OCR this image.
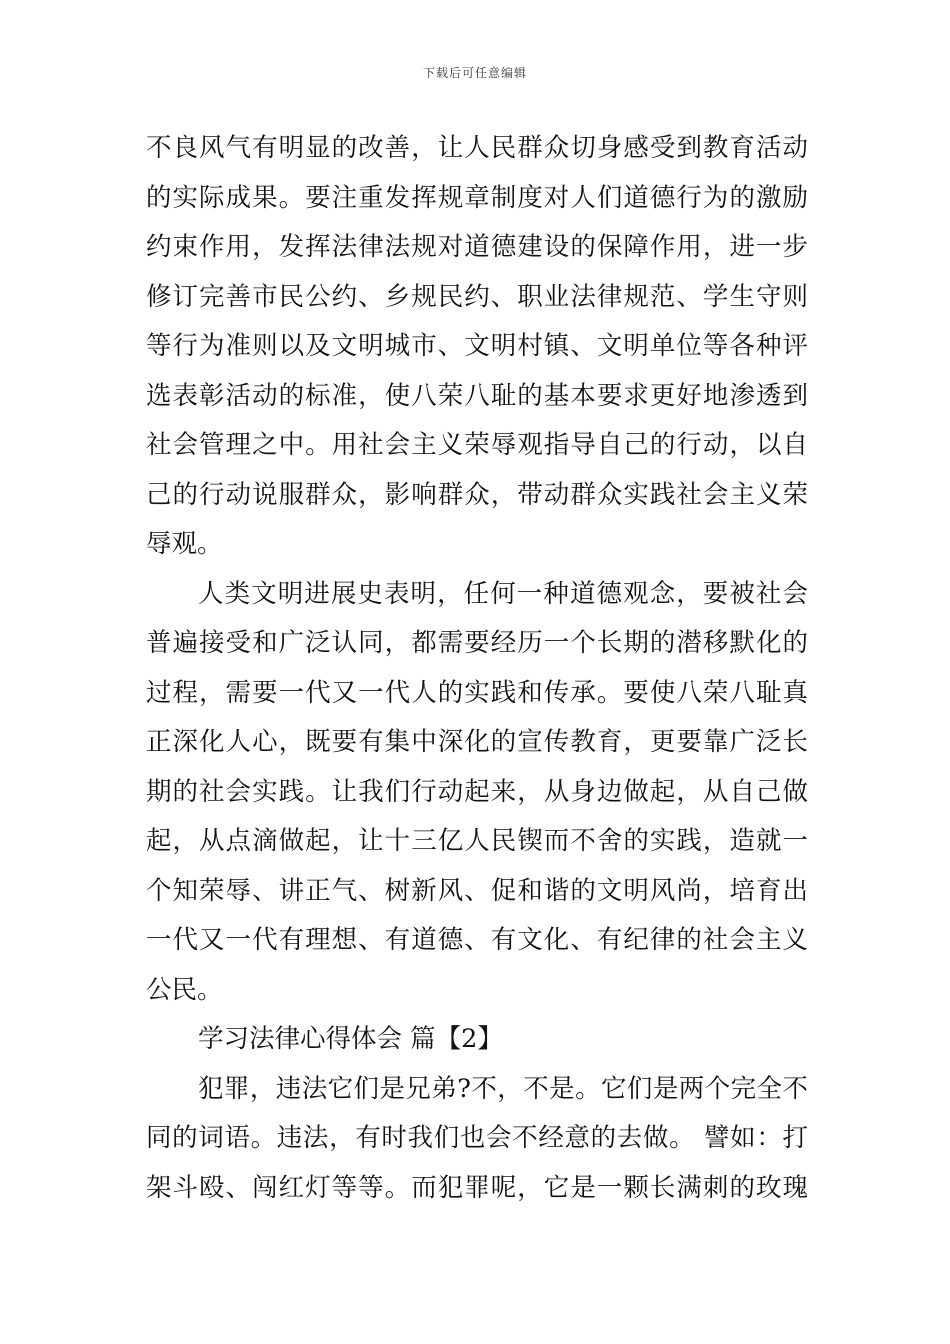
下载后可任意编辑
不良风气有明显的改善，让人民群众切身感受到教育活动
的实际成果。要注重发挥规章制度对人们道德行为的激励
约束作用，发挥法律法规对道德建设的保障作用，进一步
修订完善市民公约、乡规民约、职业法律规范、学生守则
等行为准则以及文明城市、文明村镇、文明单位等各种评
选表彰活动的标准，使八荣八耻的基本要求更好地渗透到
社会管理之中。用社会主义荣辱观指导自己的行动，以自
己的行动说服群众，影响群众，带动群众实践社会主义荣
辱观。
人类文明进展史表明，任何一种道德观念，要被社会
普遍接受和广泛认同，都需要经历一个长期的潜移默化的
过程，需要一代又一代人的实践和传承。要使八荣八耻真
正深化人心，既要有集中深化的宣传教育，更要靠广泛长
期的社会实践。让我们行动起来，从身边做起，从自己做
起，从点滴做起，让十三亿人民锲而不舍的实践，造就一
个知荣辱、讲正气、树新风、促和谐的文明风尚，培育出
一代又一代有理想、有道德、有文化、有纪律的社会主义
公民。
学习法律心得体会 篇【2】
犯罪，违法它们是兄弟?不，不是。它们是两个完全不
同的词语。违法，有时我们也会不经意的去做。 譬如：打
架斗殴、闯红灯等等。而犯罪呢，它是一颗长满刺的玫瑰
